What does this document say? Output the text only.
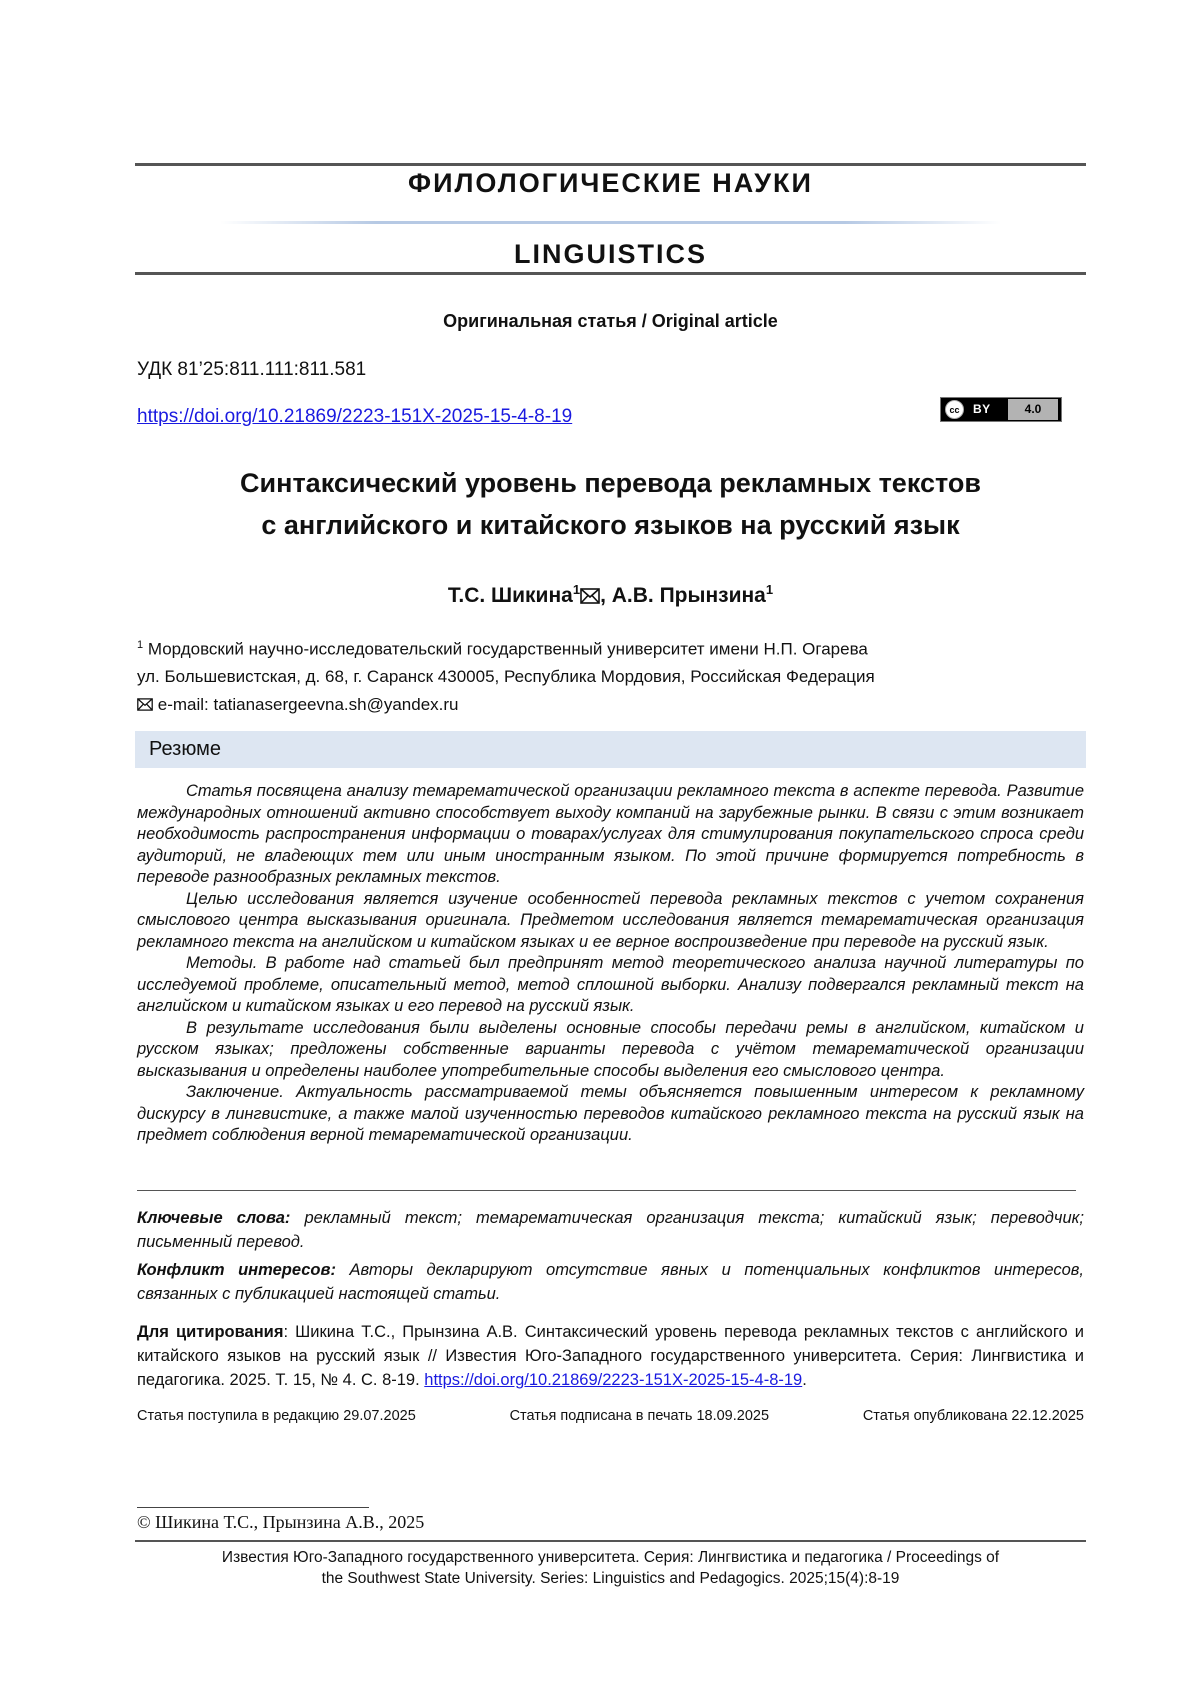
ФИЛОЛОГИЧЕСКИЕ НАУКИ
LINGUISTICS
Оригинальная статья / Original article
УДК 81’25:811.111:811.581
https://doi.org/10.21869/2223-151X-2025-15-4-8-19	cc	BY	4.0
Синтаксический уровень перевода рекламных текстов
с английского и китайского языков на русский язык
Т.С. Шикина$^1$ , А.В. Прынзина$^1$
$^1$ Мордовский научно-исследовательский государственный университет имени Н.П. Огарева
ул. Большевистская, д. 68, г. Саранск 430005, Республика Мордовия, Российская Федерация
e-mail: tatianasergeevna.sh@yandex.ru
Резюме

Статья посвящена анализу темарематической организации рекламного текста в аспекте перевода. Развитие международных отношений активно способствует выходу компаний на зарубежные рынки. В связи с этим возникает необходимость распространения информации о товарах/услугах для стимулирования покупательского спроса среди аудиторий, не владеющих тем или иным иностранным языком. По этой причине формируется потребность в переводе разнообразных рекламных текстов.

Целью исследования является изучение особенностей перевода рекламных текстов с учетом сохранения смыслового центра высказывания оригинала. Предметом исследования является темарематическая организация рекламного текста на английском и китайском языках и ее верное воспроизведение при переводе на русский язык.

Методы. В работе над статьей был предпринят метод теоретического анализа научной литературы по исследуемой проблеме, описательный метод, метод сплошной выборки. Анализу подвергался рекламный текст на английском и китайском языках и его перевод на русский язык.

В результате исследования были выделены основные способы передачи ремы в английском, китайском и русском языках; предложены собственные варианты перевода с учётом темарематической организации высказывания и определены наиболее употребительные способы выделения его смыслового центра.

Заключение. Актуальность рассматриваемой темы объясняется повышенным интересом к рекламному дискурсу в лингвистике, а также малой изученностью переводов китайского рекламного текста на русский язык на предмет соблюдения верной темарематической организации.

Ключевые слова: рекламный текст; темарематическая организация текста; китайский язык; переводчик; письменный перевод.
Конфликт интересов: Авторы декларируют отсутствие явных и потенциальных конфликтов интересов, связанных с публикацией настоящей статьи.
Для цитирования: Шикина Т.С., Прынзина А.В. Синтаксический уровень перевода рекламных текстов с английского и китайского языков на русский язык // Известия Юго-Западного государственного университета. Серия: Лингвистика и педагогика. 2025. Т. 15, № 4. С. 8-19. https://doi.org/10.21869/2223-151X-2025-15-4-8-19.
Статья поступила в редакцию 29.07.2025	Статья подписана в печать 18.09.2025	Статья опубликована 22.12.2025
© Шикина Т.С., Прынзина А.В., 2025
Известия Юго-Западного государственного университета. Серия: Лингвистика и педагогика / Proceedings of
the Southwest State University. Series: Linguistics and Pedagogics. 2025;15(4):8-19
